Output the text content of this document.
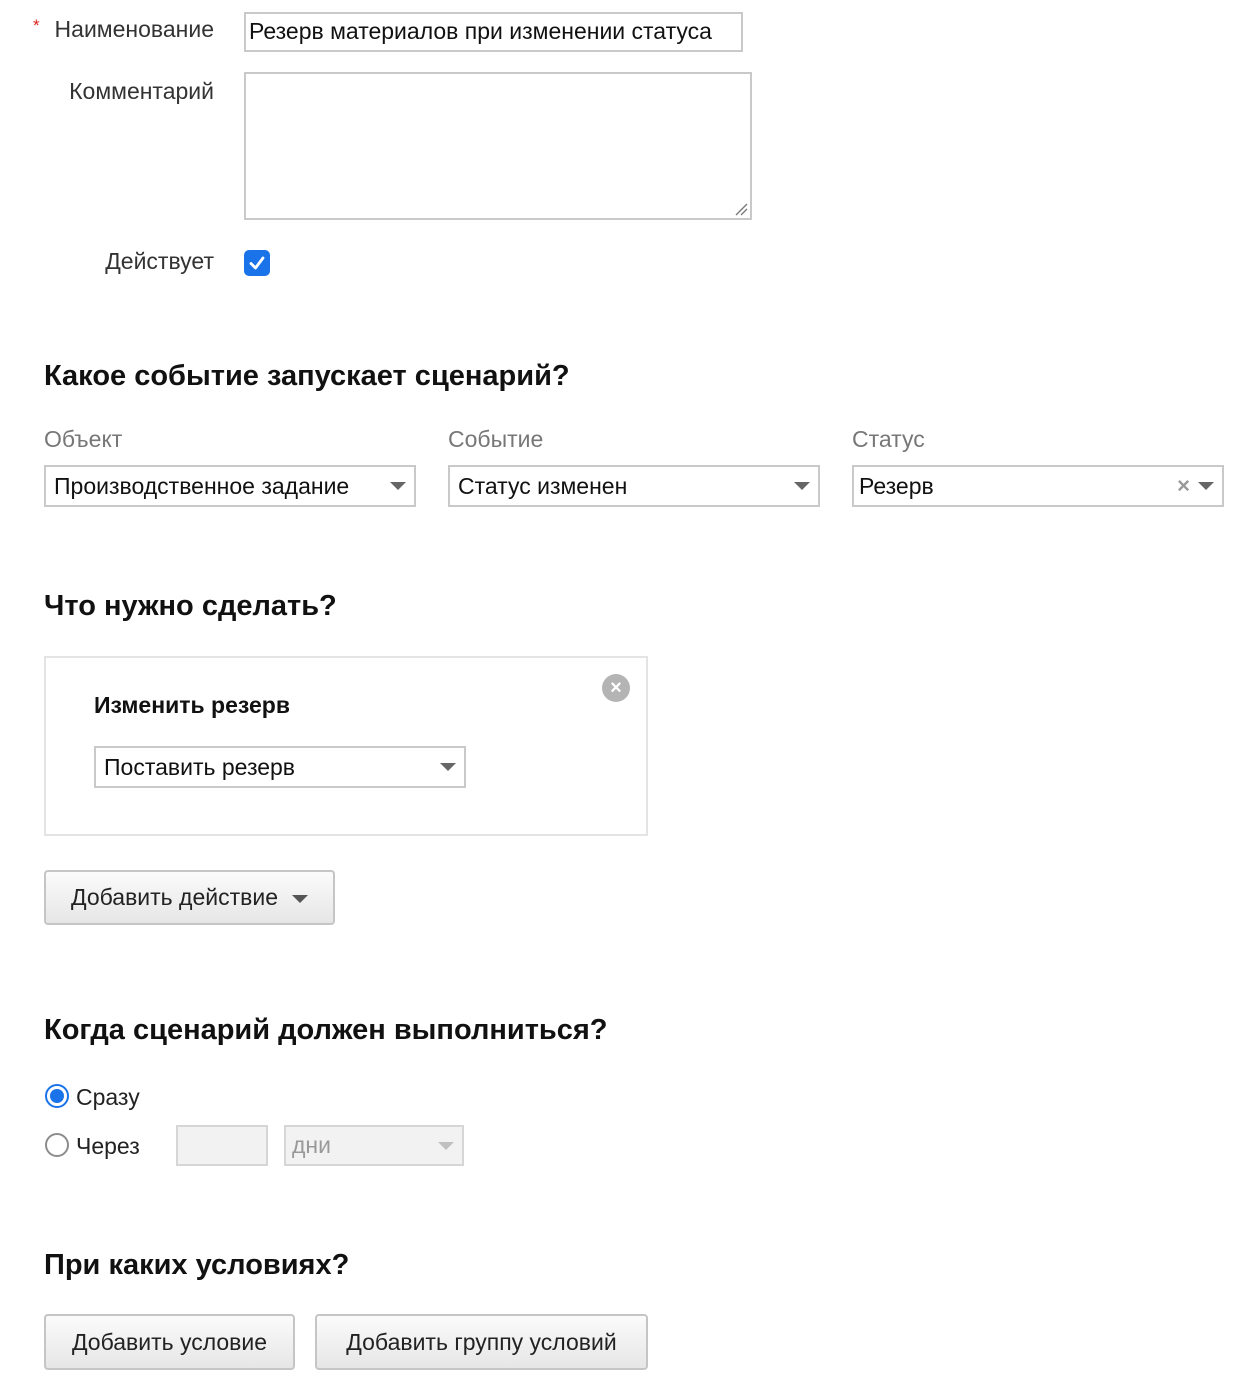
* Наименование Резерв материалов при изменении статуса
Комментарий
Действует
Какое событие запускает сценарий?
Объект
Производственное задание
Событие
Статус изменен
Статус
Резерв	×
Что нужно сделать?
Изменить резерв
×
Поставить резерв
Добавить действие
Когда сценарий должен выполниться?
Сразу
Через	дни
При каких условиях?
Добавить условие	Добавить группу условий
